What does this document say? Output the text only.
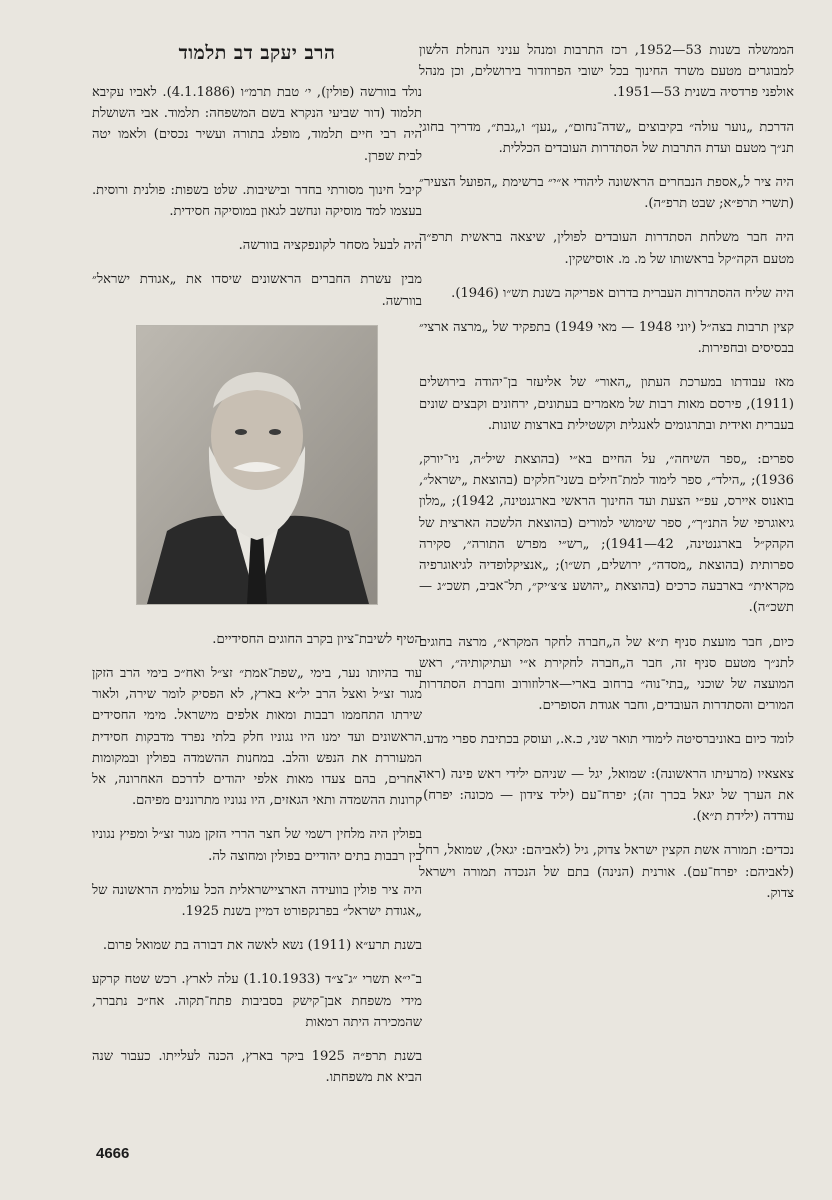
הממשלה בשנות 53—1952, רכז התרבות ומנהל עניני הנחלת הלשון למבוגרים מטעם משרד החינוך בכל ישובי הפרוזדור בירושלים, וכן מנהל אולפני פרדסיה בשנית 53—1951.

הדרכת „נוער עולה״ בקיבוצים „שדה־נחום״, „נען״ ו„גבת״, מדריך בחוגי תנ״ך מטעם ועדת התרבות של הסתדרות העובדים הכללית.

היה ציר ל„אספת הנבחרים הראשונה ליהודי א״י״ ברשימת „הפועל הצעיר״ (תשרי תרפ״א; שבט תרפ״ה).

היה חבר משלחת הסתדרות העובדים לפולין, שיצאה בראשית תרפ״ה מטעם הקה״קל בראשותו של מ. מ. אוסישקין.

היה שליח ההסתדרות העברית בדרום אפריקה בשנת תש״ו (1946).

קצין תרבות בצה״ל (יוני 1948 — מאי 1949) בתפקיד של „מרצה ארצי״ בבסיסים ובחפירות.

מאז עבודתו במערכת העתון „האור״ של אליעזר בן־יהודה בירושלים (1911), פירסם מאות רבות של מאמרים בעתונים, ירחונים וקבצים שונים בעברית ואידית ובתרגומים לאנגלית וקשטילית בארצות שונות.

ספרים: „ספר השיחה״, על החיים בא״י (בהוצאת שיל״ה, ניו־יורק, 1936); „הילד״, ספר לימוד למת־חילים בשני־חלקים (בהוצאת „ישראל״, בואנוס איירס, עפ״י הצעת ועד החינוך הראשי בארגנטינה, 1942); „מלון גיאוגרפי של התנ״ך״, ספר שימושי למורים (בהוצאת הלשכה הארצית של הקהק״ל בארגנטינה, 42—1941); „רש״י מפרש התורה״, סקירה ספרותית (בהוצאת „מסדה״, ירושלים, תש״ו); „אנציקלופדיה לגיאוגרפיה מקראית״ בארבעה כרכים (בהוצאת „יהושע צ׳צ׳יק״, תל־אביב, תשכ״ג — תשכ״ה).

כיום, חבר מועצת סניף ת״א של ה„חברה לחקר המקרא״, מרצה בחוגים לתנ״ך מטעם סניף זה, חבר ה„חברה לחקירת א״י ועתיקותיה״, ראש המועצה של שוכני „בתי־נוה״ ברחוב בארי—ארלוזורוב וחברת הסתדרות המורים והסתדרות העובדים, וחבר אגודת הסופרים.

לומד כיום באוניברסיטה לימודי תואר שני, כ.א., ועוסק בכתיבת ספרי מדע.

צאצאיו (מרעיתו הראשונה): שמואל, יגל — שניהם ילידי ראש פינה (ראה את הערך של יגאל בכרך זה); יפרח־עם (יליד צידון — מכונה: יפרח), עודדה (ילידת ת״א).

נכדים: תמורה אשת הקצין ישראל צדוק, גיל (לאביהם: יגאל), שמואל, רחל (לאביהם: יפרח־עם). אורנית (הנינה) בתם של הנכדה תמורה וישראל צדוק.

הרב יעקב דב תלמוד

נולד בוורשה (פולין), י׳ טבת תרמ״ו (4.1.1886). לאביו עקיבא תלמוד (דור שביעי הנקרא בשם המשפחה: תלמוד. אבי השושלת היה רבי חיים תלמוד, מופלג בתורה ועשיר נכסים) ולאמו יטה לבית שפרן.

קיבל חינוך מסורתי בחדר ובישיבות. שלט בשפות: פולנית ורוסית. בעצמו למד מוסיקה ונחשב לגאון במוסיקה חסידית.

היה לבעל מסחר לקונפקציה בוורשה.

מבין עשרת החברים הראשונים שיסדו את „אגודת ישראל״ בוורשה.

הטיף לשיבת־ציון בקרב החוגים החסידיים.

עוד בהיותו נער, בימי „שפת־אמת״ זצ״ל ואח״כ בימי הרב הזקן מגור זצ״ל ואצל הרב יל״א בארץ, לא הפסיק לומר שירה, ולאור שירתו התחממו רבבות ומאות אלפים מישראל. מימי החסידים הראשונים ועד ימנו היו נגוניו חלק בלתי נפרד מדבקות חסידית המעוררת את הנפש והלב. במחנות ההשמדה בפולין ובמקומות אחרים, בהם צעדו מאות אלפי יהודים לדרכם האחרונה, אל קרונות ההשמדה ותאי הגאזים, היו נגוניו מתרוננים מפיהם.

בפולין היה מלחין רשמי של חצר הררי הזקן מגור זצ״ל ומפיץ נגוניו בין רבבות בתים יהודיים בפולין ומחוצה לה.

היה ציר פולין בוועידה הארציישראלית הכל עולמית הראשונה של „אגודת ישראל״ בפרנקפורט דמיין בשנת 1925.

בשנת תרע״א (1911) נשא לאשה את דבורה בת שמואל פרום.

ב־י״א תשרי ״ג־צ״ד (1.10.1933) עלה לארץ. רכש שטח קרקע מידי משפחת אבן־קישק בסביבות פתח־תקוה. אח״כ נתברר, שהמכירה היתה רמאות

בשנת תרפ״ה 1925 ביקר בארץ, הכנה לעלייתו. כעבור שנה הביא את משפחתו.

4666
